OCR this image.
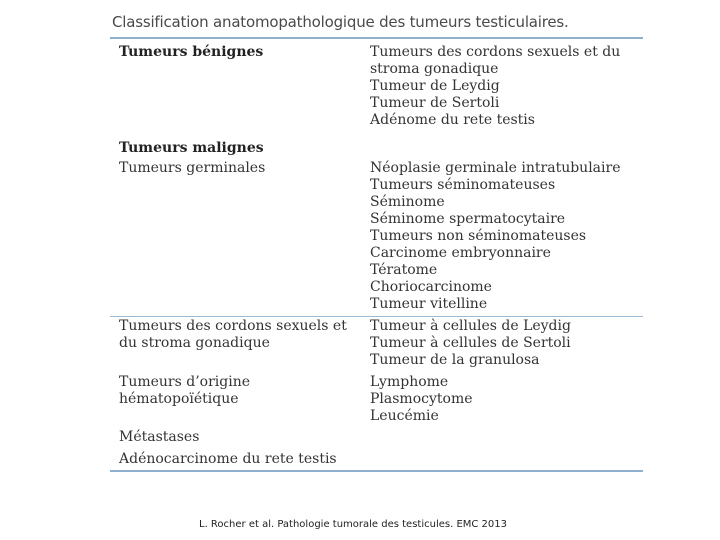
Classification anatomopathologique des tumeurs testiculaires.
Tumeurs bénignes	Tumeurs des cordons sexuels et du
stroma gonadique
Tumeur de Leydig
Tumeur de Sertoli
Adénome du rete testis
Tumeurs malignes
Tumeurs germinales	Néoplasie germinale intratubulaire
Tumeurs séminomateuses
Séminome
Séminome spermatocytaire
Tumeurs non séminomateuses
Carcinome embryonnaire
Tératome
Choriocarcinome
Tumeur vitelline
Tumeurs des cordons sexuels et
du stroma gonadique
Tumeur à cellules de Leydig
Tumeur à cellules de Sertoli
Tumeur de la granulosa
Tumeurs d’origine
hématopoïétique
Lymphome
Plasmocytome
Leucémie
Métastases
Adénocarcinome du rete testis
L. Rocher et al. Pathologie tumorale des testicules. EMC 2013
